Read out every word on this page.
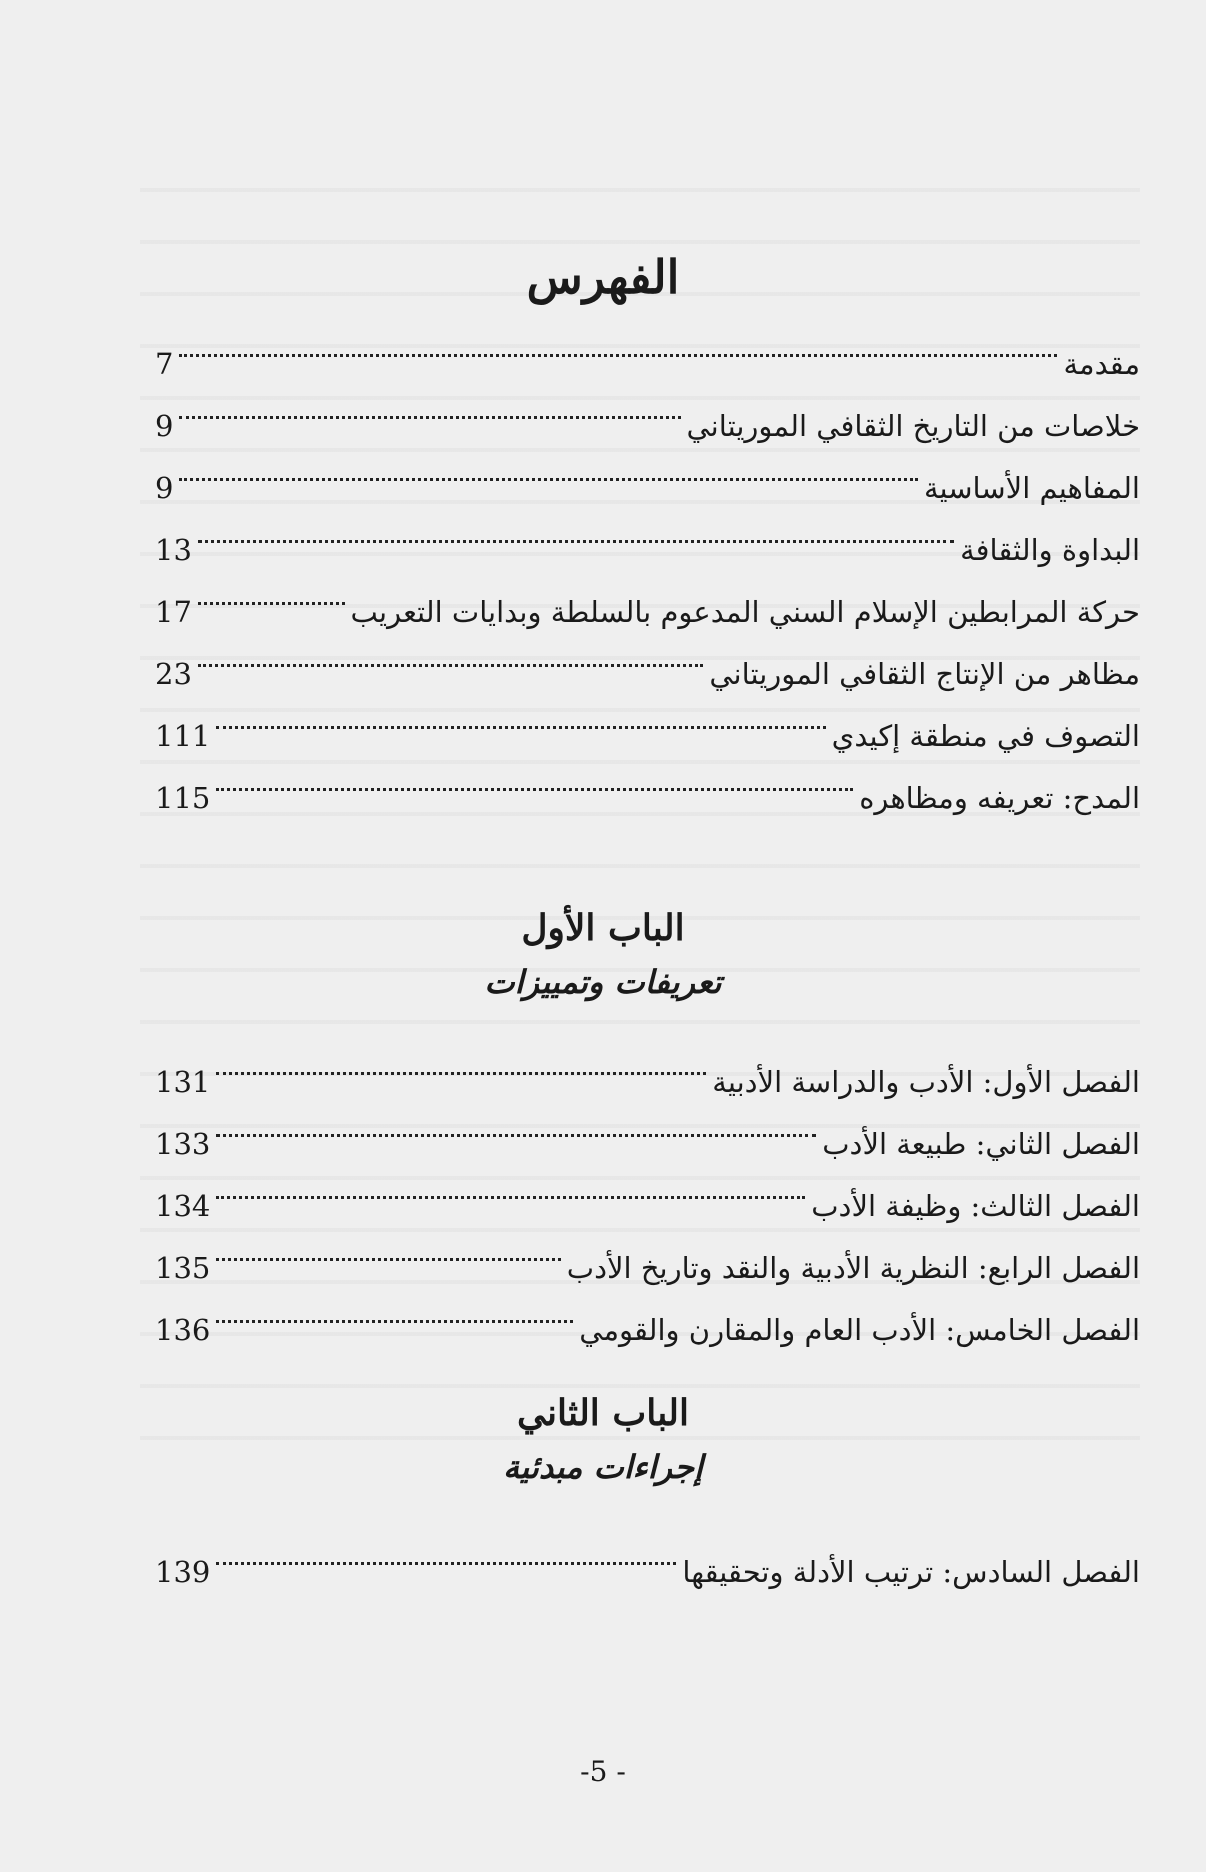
الفهرس
مقدمة
7
خلاصات من التاريخ الثقافي الموريتاني
9
المفاهيم الأساسية
9
البداوة والثقافة
13
حركة المرابطين الإسلام السني المدعوم بالسلطة وبدايات التعريب
17
مظاهر من الإنتاج الثقافي الموريتاني
23
التصوف في منطقة إكيدي
111
المدح: تعريفه ومظاهره
115
الباب الأول
تعريفات وتمييزات
الفصل الأول: الأدب والدراسة الأدبية
131
الفصل الثاني: طبيعة الأدب
133
الفصل الثالث: وظيفة الأدب
134
الفصل الرابع: النظرية الأدبية والنقد وتاريخ الأدب
135
الفصل الخامس: الأدب العام والمقارن والقومي
136
الباب الثاني
إجراءات مبدئية
الفصل السادس: ترتيب الأدلة وتحقيقها
139
-5 -
